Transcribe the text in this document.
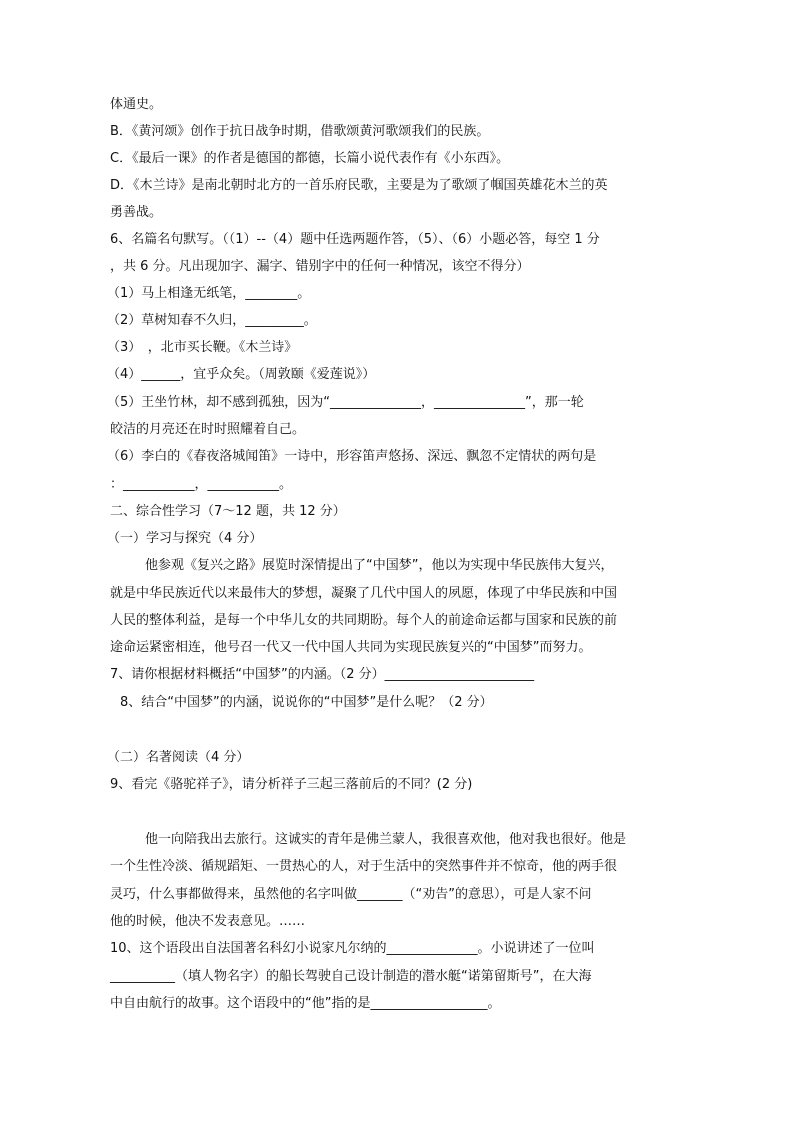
体通史。
B．《黄河颂》创作于抗日战争时期，借歌颂黄河歌颂我们的民族。
C．《最后一课》的作者是德国的都德，长篇小说代表作有《小东西》。
D．《木兰诗》是南北朝时北方的一首乐府民歌，主要是为了歌颂了帼国英雄花木兰的英
勇善战。
6、名篇名句默写。（（1）--（4）题中任选两题作答，（5）、（6）小题必答，每空 1 分
，共 6 分。凡出现加字、漏字、错别字中的任何一种情况，该空不得分）
（1）马上相逢无纸笔，________。
（2）草树知春不久归，_________。
（3）　，北市买长鞭。《木兰诗》
（4）______，宜乎众矣。（周敦颐《爱莲说》）
（5）王坐竹林，却不感到孤独，因为“______________，______________”，那一轮
皎洁的月亮还在时时照耀着自己。
（6）李白的《春夜洛城闻笛》一诗中，形容笛声悠扬、深远、飘忽不定情状的两句是
：___________，___________。
二、综合性学习（7～12 题，共 12 分）
（一）学习与探究（4 分）
他参观《复兴之路》展览时深情提出了“中国梦”，他以为实现中华民族伟大复兴，
就是中华民族近代以来最伟大的梦想，凝聚了几代中国人的夙愿，体现了中华民族和中国
人民的整体利益，是每一个中华儿女的共同期盼。每个人的前途命运都与国家和民族的前
途命运紧密相连，他号召一代又一代中国人共同为实现民族复兴的“中国梦”而努力。
7、请你根据材料概括“中国梦”的内涵。（2 分）_______________________
8、结合“中国梦”的内涵，说说你的“中国梦”是什么呢？（2 分）
（二）名著阅读（4 分）
9、看完《骆驼祥子》，请分析祥子三起三落前后的不同？(2 分)
他一向陪我出去旅行。这诚实的青年是佛兰蒙人，我很喜欢他，他对我也很好。他是
一个生性冷淡、循规蹈矩、一贯热心的人，对于生活中的突然事件并不惊奇，他的两手很
灵巧，什么事都做得来，虽然他的名字叫做_______（“劝告”的意思），可是人家不问
他的时候，他决不发表意见。……
10、这个语段出自法国著名科幻小说家凡尔纳的______________。小说讲述了一位叫
__________（填人物名字）的船长驾驶自己设计制造的潜水艇“诺第留斯号”，在大海
中自由航行的故事。这个语段中的“他”指的是__________________。
